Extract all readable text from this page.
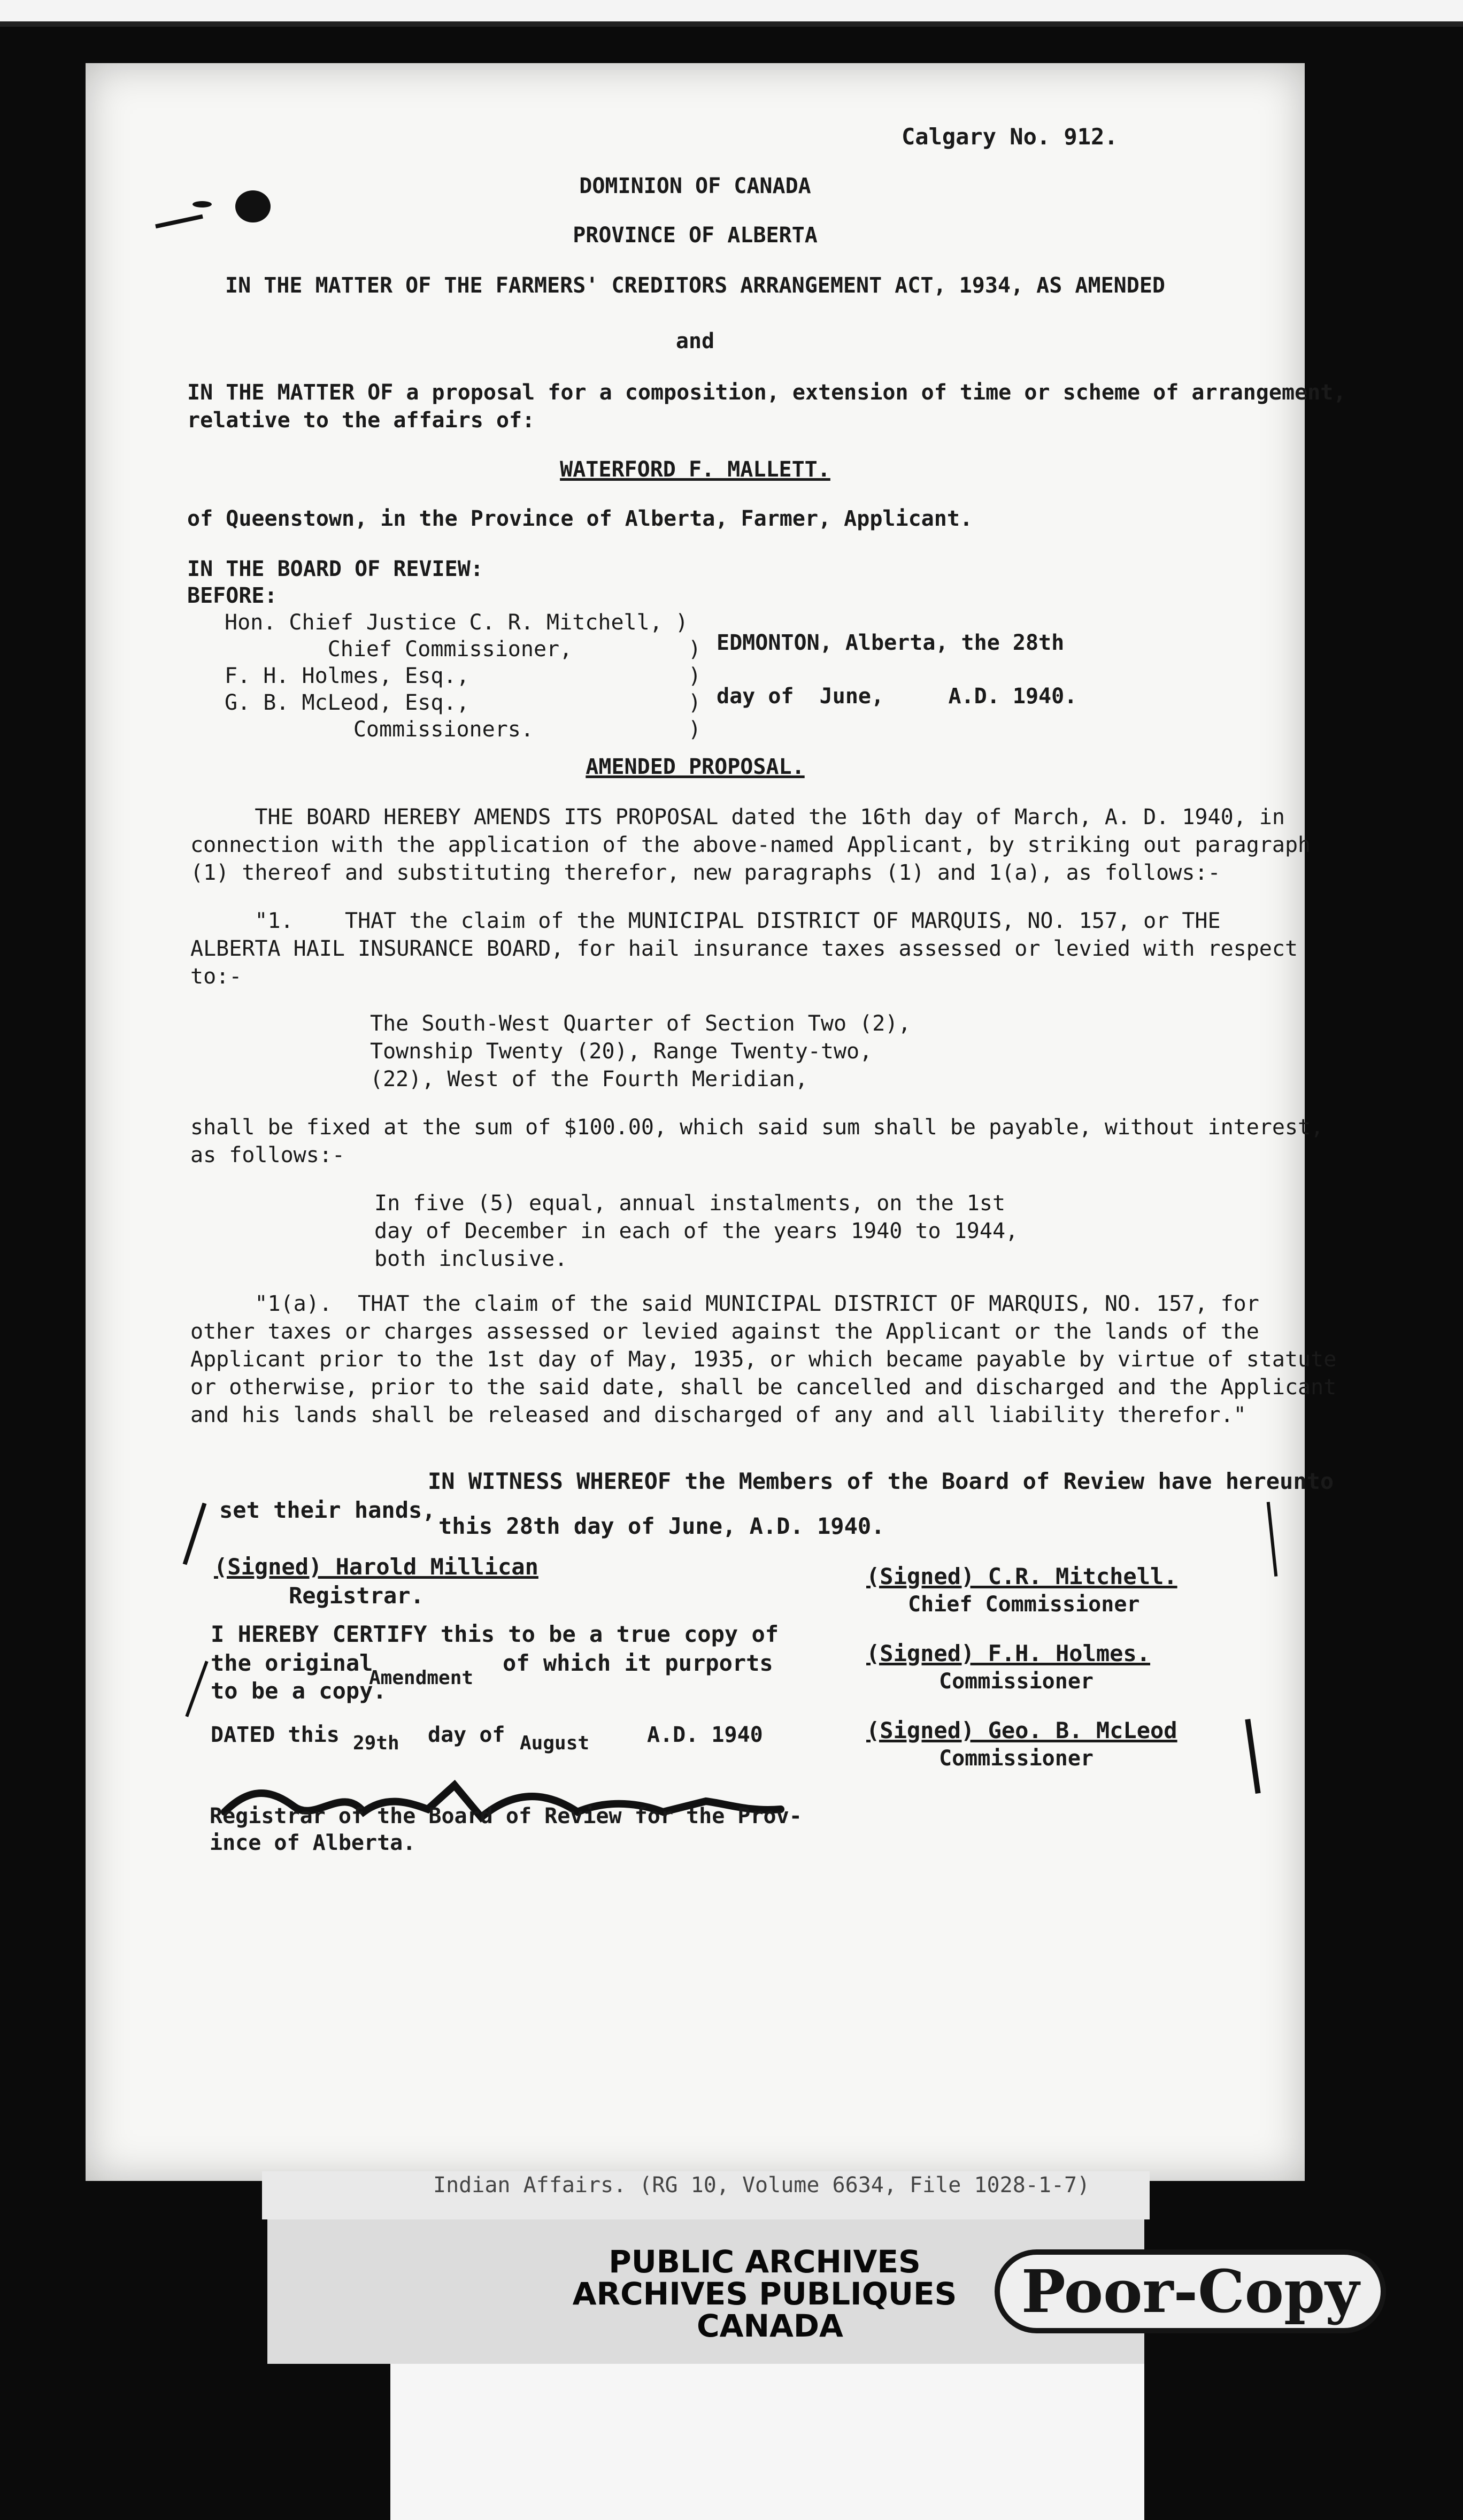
Calgary No. 912.
DOMINION OF CANADA
PROVINCE OF ALBERTA
IN THE MATTER OF THE FARMERS' CREDITORS ARRANGEMENT ACT, 1934, AS AMENDED
and
IN THE MATTER OF a proposal for a composition, extension of time or scheme of arrangement,
relative to the affairs of:
WATERFORD F. MALLETT.
of Queenstown, in the Province of Alberta, Farmer, Applicant.
IN THE BOARD OF REVIEW:
BEFORE:
Hon. Chief Justice C. R. Mitchell, )
Chief Commissioner,         )
F. H. Holmes, Esq.,                 )
G. B. McLeod, Esq.,                 )
Commissioners.            )
EDMONTON, Alberta, the 28th
day of  June,     A.D. 1940.
AMENDED PROPOSAL.
THE BOARD HEREBY AMENDS ITS PROPOSAL dated the 16th day of March, A. D. 1940, in
connection with the application of the above-named Applicant, by striking out paragraph
(1) thereof and substituting therefor, new paragraphs (1) and 1(a), as follows:-
"1.    THAT the claim of the MUNICIPAL DISTRICT OF MARQUIS, NO. 157, or THE
ALBERTA HAIL INSURANCE BOARD, for hail insurance taxes assessed or levied with respect
to:-
The South-West Quarter of Section Two (2),
Township Twenty (20), Range Twenty-two,
(22), West of the Fourth Meridian,
shall be fixed at the sum of $100.00, which said sum shall be payable, without interest,
as follows:-
In five (5) equal, annual instalments, on the 1st
day of December in each of the years 1940 to 1944,
both inclusive.
"1(a).  THAT the claim of the said MUNICIPAL DISTRICT OF MARQUIS, NO. 157, for
other taxes or charges assessed or levied against the Applicant or the lands of the
Applicant prior to the 1st day of May, 1935, or which became payable by virtue of statute
or otherwise, prior to the said date, shall be cancelled and discharged and the Applicant
and his lands shall be released and discharged of any and all liability therefor."
IN WITNESS WHEREOF the Members of the Board of Review have hereunto
set their hands,
this 28th day of June, A.D. 1940.
(Signed) Harold Millican
Registrar.
I HEREBY CERTIFY this to be a true copy of
the original
Amendment
of which it purports
to be a copy.
DATED this 29th day of August	A.D. 1940
Registrar of the Board of Review for the Prov-
ince of Alberta.
(Signed) C.R. Mitchell.
Chief Commissioner
(Signed) F.H. Holmes.
Commissioner
(Signed) Geo. B. McLeod
Commissioner
Indian Affairs. (RG 10, Volume 6634, File 1028-1-7)
PUBLIC ARCHIVES
ARCHIVES PUBLIQUES
CANADA	Poor-Copy
